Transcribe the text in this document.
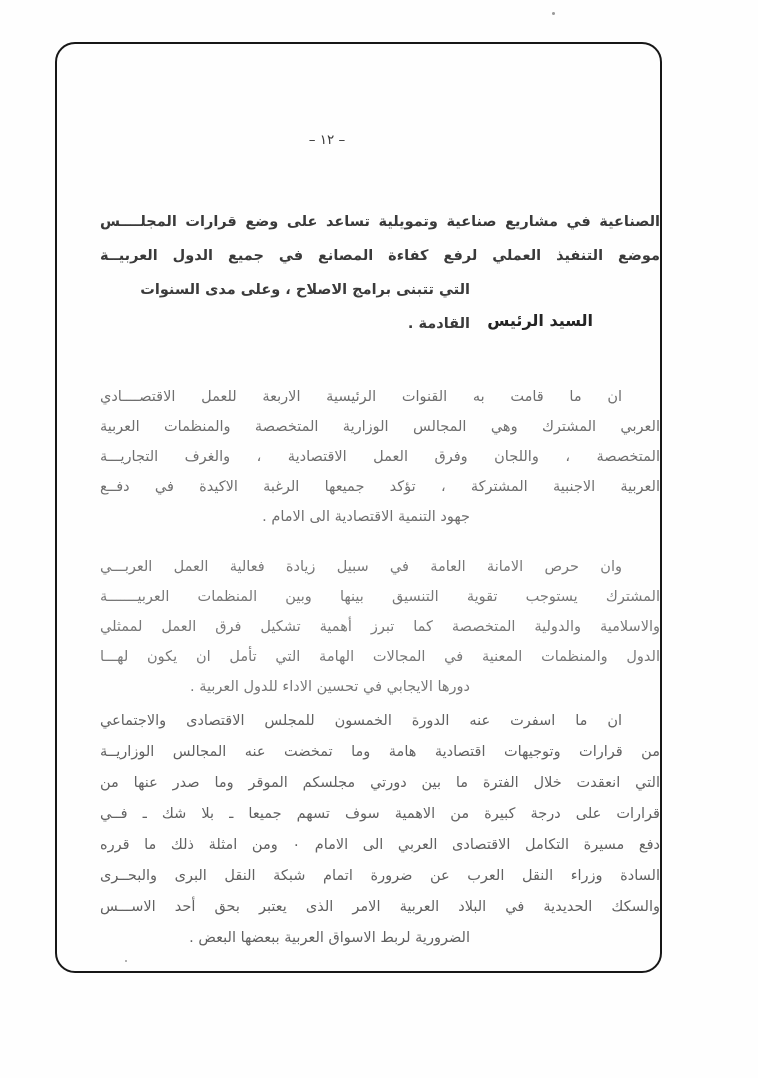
– ١٢ –
الصناعية في مشاريع صناعية وتمويلية تساعد على وضع قرارات المجلــــس
موضع التنفيذ العملي لرفع كفاءة المصانع في جميع الدول العربيــة
التي تتبنى برامج الاصلاح ، وعلى مدى السنوات القادمة .
ان ما قامت به القنوات الرئيسية الاربعة للعمل الاقتصــــادي
العربي المشترك وهي المجالس الوزارية المتخصصة والمنظمات العربية
المتخصصة ، واللجان وفرق العمل الاقتصادية ، والغرف التجاريـــة
العربية الاجنبية المشتركة ، تؤكد جميعها الرغبة الاكيدة في دفــع
جهود التنمية الاقتصادية الى الامام .
وان حرص الامانة العامة في سبيل زيادة فعالية العمل العربـــي
المشترك يستوجب تقوية التنسيق بينها وبين المنظمات العربيـــــــة
والاسلامية والدولية المتخصصة كما تبرز أهمية تشكيل فرق العمل لممثلي
الدول والمنظمات المعنية في المجالات الهامة التي تأمل ان يكون لهـــا
دورها الايجابي في تحسين الاداء للدول العربية .
ان ما اسفرت عنه الدورة الخمسون للمجلس الاقتصادى والاجتماعي
من قرارات وتوجيهات اقتصادية هامة وما تمخضت عنه المجالس الوزاريــة
التي انعقدت خلال الفترة ما بين دورتي مجلسكم الموقر وما صدر عنها من
قرارات على درجة كبيرة من الاهمية سوف تسهم جميعا ـ بلا شك ـ فــي
دفع مسيرة التكامل الاقتصادى العربي الى الامام ٠ ومن امثلة ذلك ما قرره
السادة وزراء النقل العرب عن ضرورة اتمام شبكة النقل البرى والبحــرى
والسكك الحديدية في البلاد العربية الامر الذى يعتبر بحق أحد الاســـس
الضرورية لربط الاسواق العربية ببعضها البعض .
السيد الرئيس
